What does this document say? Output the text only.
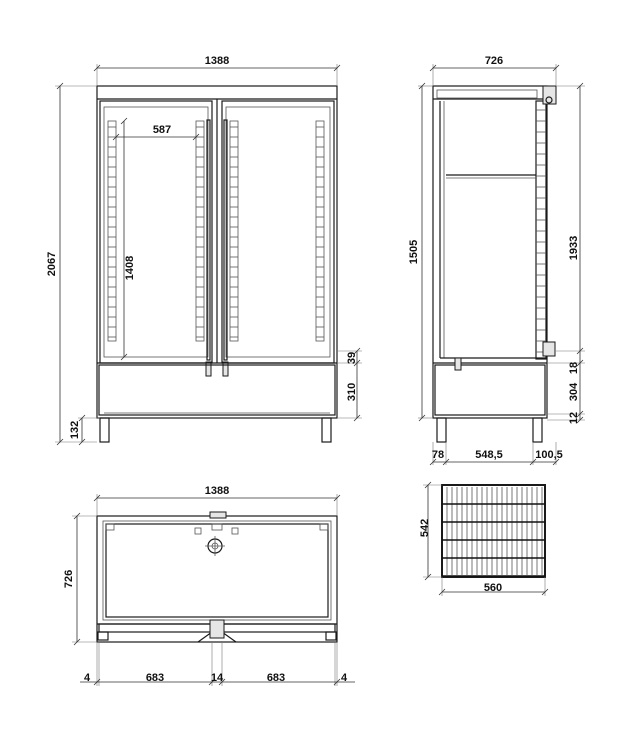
1388
587
1408
2067
132
39
310
726
1505	1933
18
304
12
78	548,5	100,5
1388
726
4	683	14	683	4
542
560
